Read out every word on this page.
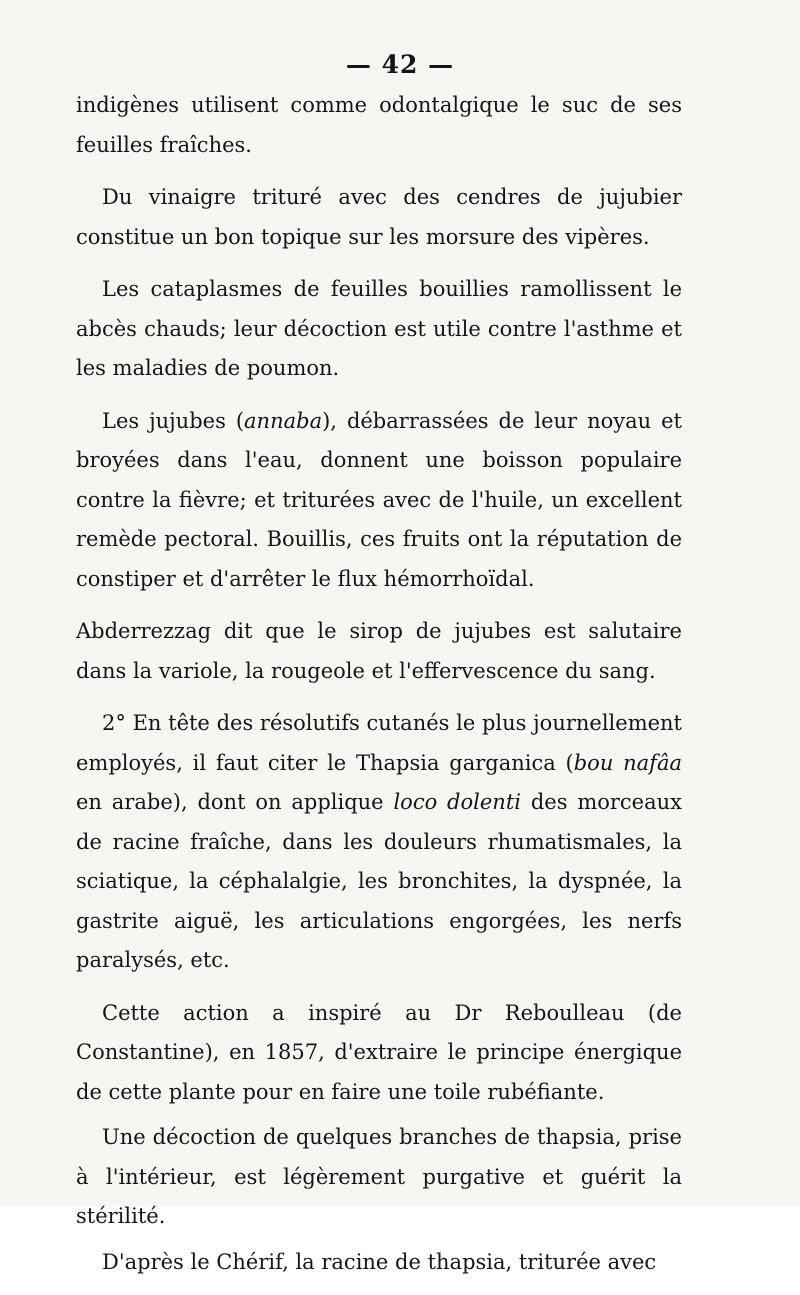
— 42 —

indigènes utilisent comme odontalgique le suc de ses feuilles fraîches.

Du vinaigre trituré avec des cendres de jujubier constitue un bon topique sur les morsure des vipères.

Les cataplasmes de feuilles bouillies ramollissent le abcès chauds; leur décoction est utile contre l'asthme et les maladies de poumon.

Les jujubes (annaba), débarrassées de leur noyau et broyées dans l'eau, donnent une boisson populaire contre la fièvre; et triturées avec de l'huile, un excellent remède pectoral. Bouillis, ces fruits ont la réputation de constiper et d'arrêter le flux hémorrhoïdal.

Abderrezzag dit que le sirop de jujubes est salutaire dans la variole, la rougeole et l'effervescence du sang.

2° En tête des résolutifs cutanés le plus journellement employés, il faut citer le Thapsia garganica (bou nafâa en arabe), dont on applique loco dolenti des morceaux de racine fraîche, dans les douleurs rhumatismales, la sciatique, la céphalalgie, les bronchites, la dyspnée, la gastrite aiguë, les articulations engorgées, les nerfs paralysés, etc.

Cette action a inspiré au Dr Reboulleau (de Constantine), en 1857, d'extraire le principe énergique de cette plante pour en faire une toile rubéfiante.

Une décoction de quelques branches de thapsia, prise à l'intérieur, est légèrement purgative et guérit la stérilité.

D'après le Chérif, la racine de thapsia, triturée avec
